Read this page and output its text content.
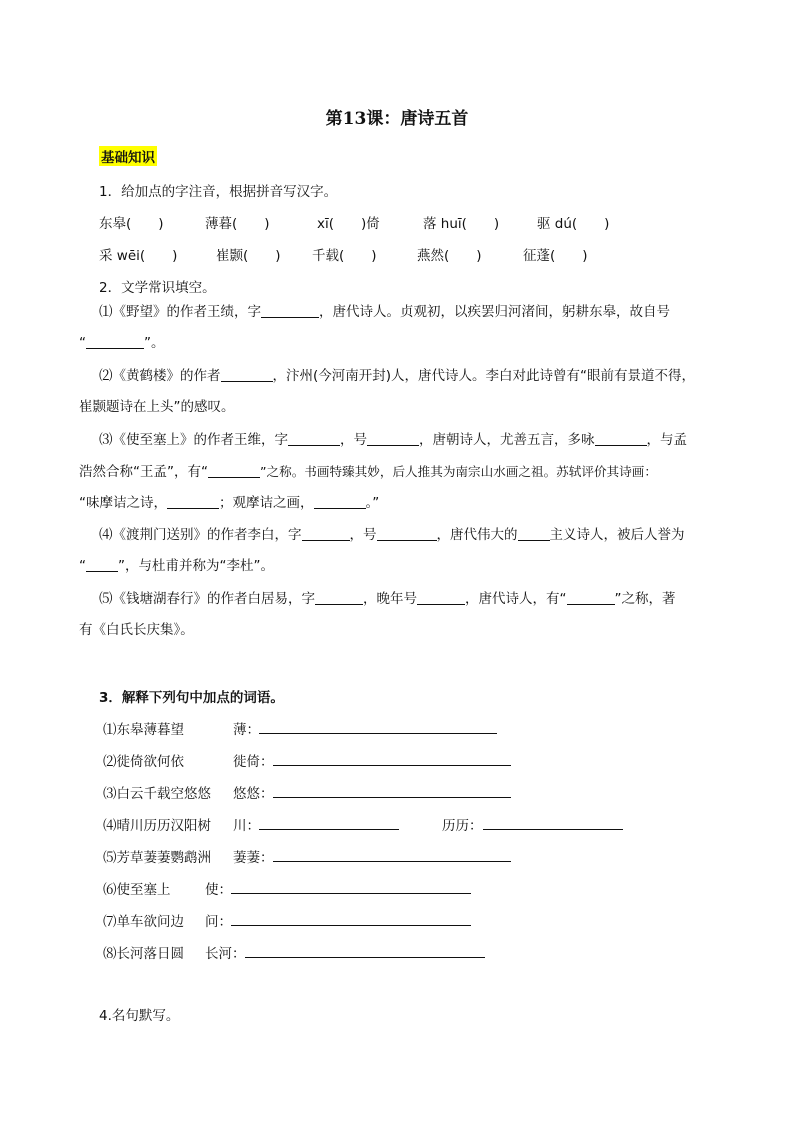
第13课：唐诗五首
基础知识
1．给加点的字注音，根据拼音写汉字。
东皋(　　)	薄暮(　　)	xī(　　)倚	落 huī(　　)	驱 dú(　　)
采 wēi(　　)	崔颢(　　) 千载(　　)	燕然(　　)	征蓬(　　)
2．文学常识填空。
⑴《野望》的作者王绩，字	，唐代诗人。贞观初，以疾罢归河渚间，躬耕东皋，故自号
“	”。
⑵《黄鹤楼》的作者	，汴州(今河南开封)人，唐代诗人。李白对此诗曾有“眼前有景道不得，
崔颢题诗在上头”的感叹。
⑶《使至塞上》的作者王维，字	，号	，唐朝诗人，尤善五言，多咏	，与孟
浩然合称“王孟”，有“	”之称。书画特臻其妙，后人推其为南宗山水画之祖。苏轼评价其诗画：
“味摩诘之诗，	；观摩诘之画，	。”
⑷《渡荆门送别》的作者李白，字	，号	，唐代伟大的 主义诗人，被后人誉为
“ ”，与杜甫并称为“李杜”。
⑸《钱塘湖春行》的作者白居易，字	，晚年号	，唐代诗人，有“	”之称，著
有《白氏长庆集》。
3．解释下列句中加点的词语。
⑴东皋薄暮望	薄：
⑵徙倚欲何依	徙倚：
⑶白云千载空悠悠 悠悠：
⑷晴川历历汉阳树 川：	历历：
⑸芳草萋萋鹦鹉洲 萋萋：
⑹使至塞上	使：
⑺单车欲问边 问：
⑻长河落日圆 长河：
4.名句默写。
